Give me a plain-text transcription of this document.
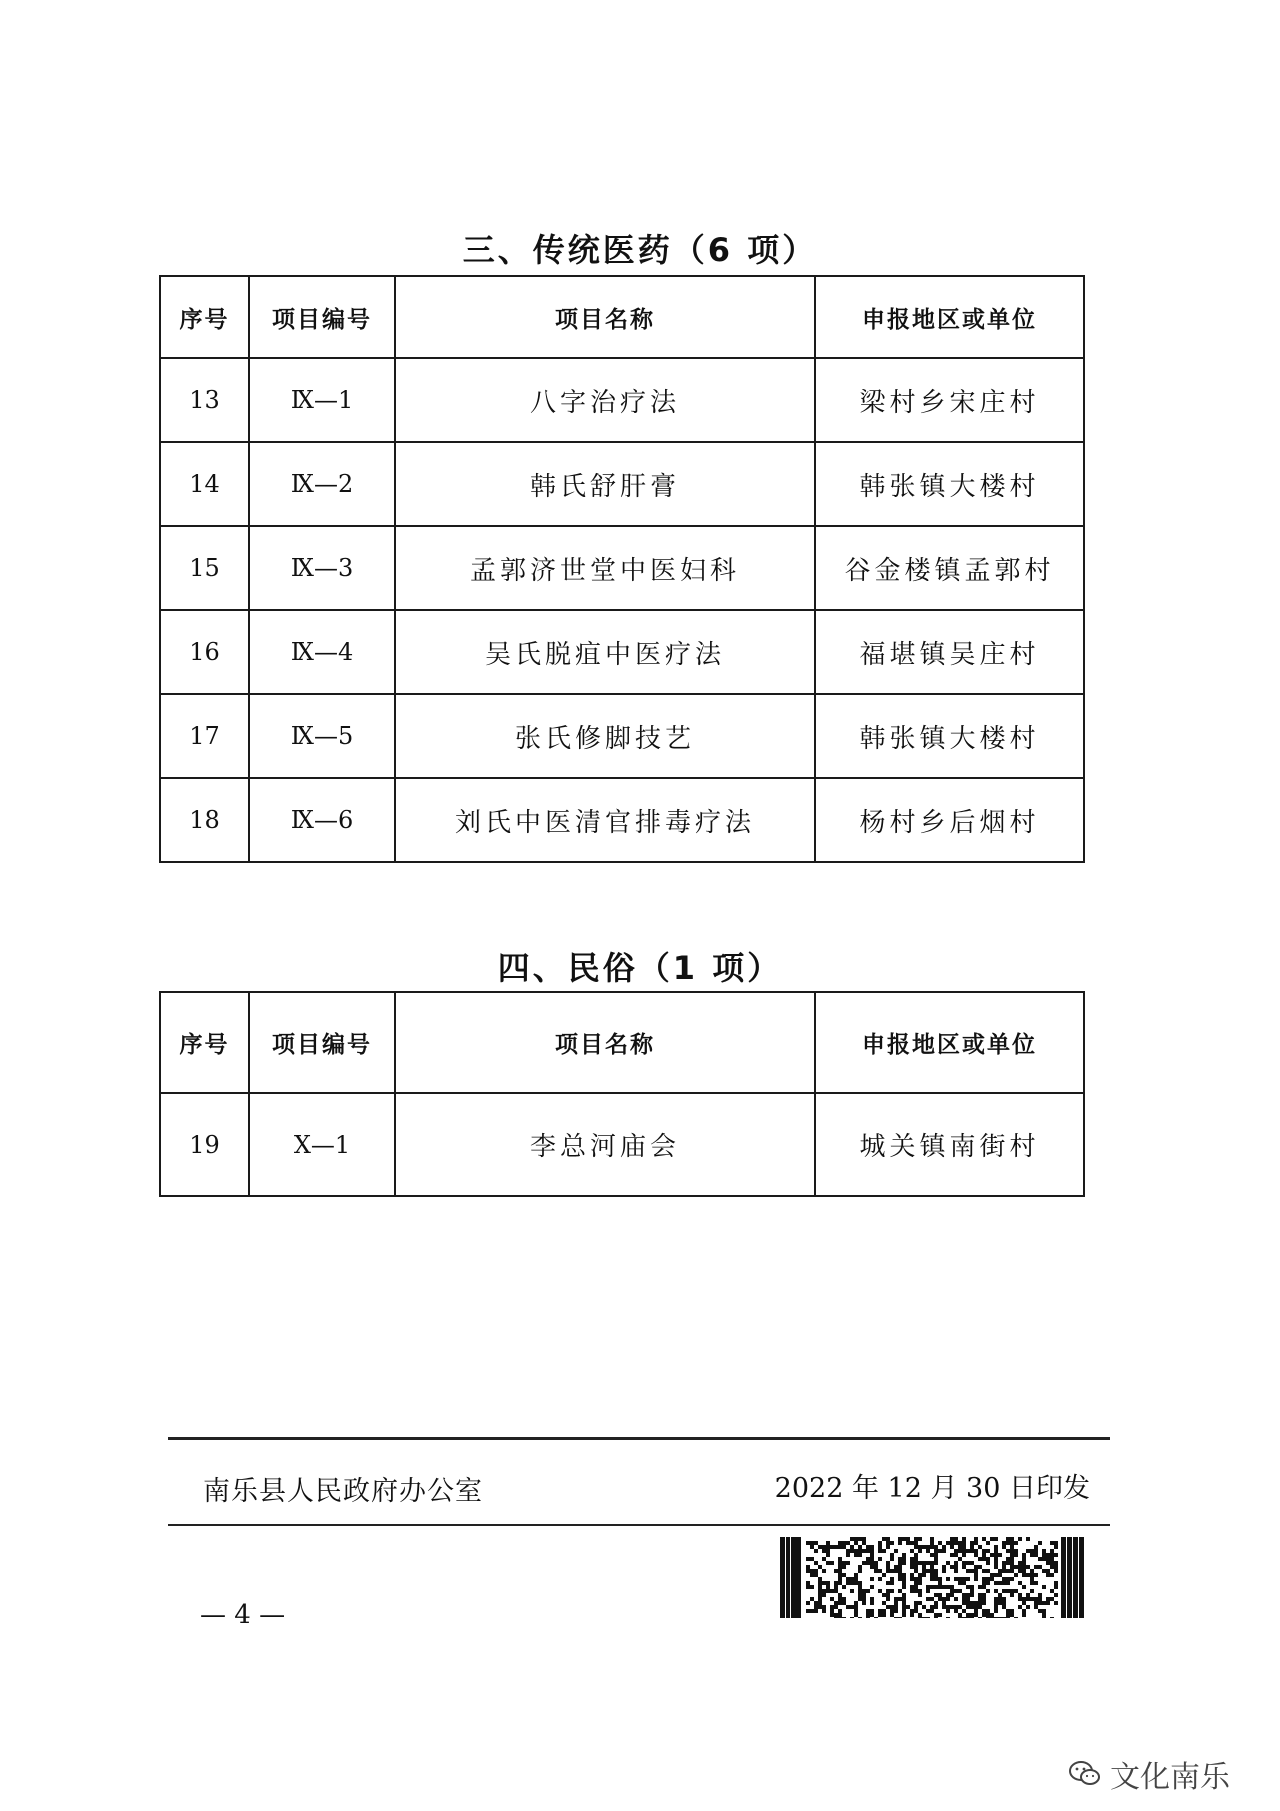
三、传统医药（6 项）
序号	项目编号	项目名称	申报地区或单位
13	Ⅸ—1	八字治疗法	梁村乡宋庄村
14	Ⅸ—2	韩氏舒肝膏	韩张镇大楼村
15	Ⅸ—3	孟郭济世堂中医妇科	谷金楼镇孟郭村
16	Ⅸ—4	吴氏脱疽中医疗法	福堪镇吴庄村
17	Ⅸ—5	张氏修脚技艺	韩张镇大楼村
18	Ⅸ—6	刘氏中医清官排毒疗法	杨村乡后烟村
四、民俗（1 项）
序号	项目编号	项目名称	申报地区或单位
19	Ⅹ—1	李总河庙会	城关镇南街村
南乐县人民政府办公室	2022 年 12 月 30 日印发
— 4 —
文化南乐
